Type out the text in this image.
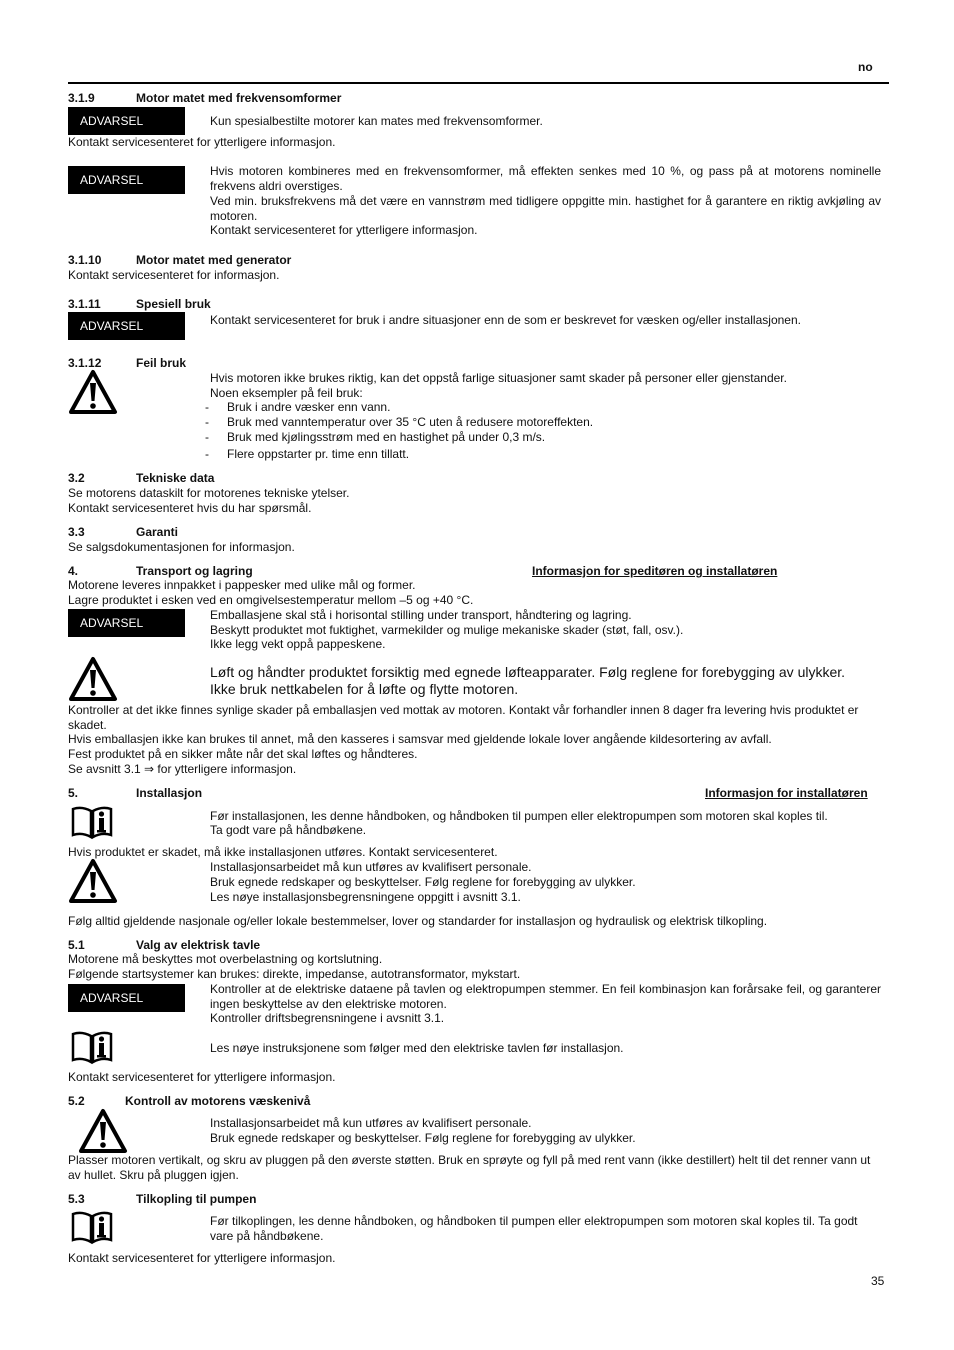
no
3.1.9	Motor matet med frekvensomformer
ADVARSEL	Kun spesialbestilte motorer kan mates med frekvensomformer.
Kontakt servicesenteret for ytterligere informasjon.
ADVARSEL
Hvis motoren kombineres med en frekvensomformer, må effekten senkes med 10 %, og pass på at motorens nominelle frekvens aldri overstiges.
Ved min. bruksfrekvens må det være en vannstrøm med tidligere oppgitte min. hastighet for å garantere en riktig avkjøling av motoren.
Kontakt servicesenteret for ytterligere informasjon.
3.1.10	Motor matet med generator
Kontakt servicesenteret for informasjon.
3.1.11	Spesiell bruk
ADVARSEL	Kontakt servicesenteret for bruk i andre situasjoner enn de som er beskrevet for væsken og/eller installasjonen.
3.1.12	Feil bruk
Hvis motoren ikke brukes riktig, kan det oppstå farlige situasjoner samt skader på personer eller gjenstander.
Noen eksempler på feil bruk:
- Bruk i andre væsker enn vann.
- Bruk med vanntemperatur over 35 °C uten å redusere motoreffekten.
- Bruk med kjølingsstrøm med en hastighet på under 0,3 m/s.
- Flere oppstarter pr. time enn tillatt.
3.2	Tekniske data
Se motorens dataskilt for motorenes tekniske ytelser.
Kontakt servicesenteret hvis du har spørsmål.
3.3	Garanti
Se salgsdokumentasjonen for informasjon.
4.	Transport og lagring	Informasjon for speditøren og installatøren
Motorene leveres innpakket i pappesker med ulike mål og former.
Lagre produktet i esken ved en omgivelsestemperatur mellom –5 og +40 °C.
ADVARSEL
Emballasjene skal stå i horisontal stilling under transport, håndtering og lagring.
Beskytt produktet mot fuktighet, varmekilder og mulige mekaniske skader (støt, fall, osv.).
Ikke legg vekt oppå pappeskene.
Løft og håndter produktet forsiktig med egnede løfteapparater. Følg reglene for forebygging av ulykker.
Ikke bruk nettkabelen for å løfte og flytte motoren.
Kontroller at det ikke finnes synlige skader på emballasjen ved mottak av motoren. Kontakt vår forhandler innen 8 dager fra levering hvis produktet er skadet.
Hvis emballasjen ikke kan brukes til annet, må den kasseres i samsvar med gjeldende lokale lover angående kildesortering av avfall.
Fest produktet på en sikker måte når det skal løftes og håndteres.
Se avsnitt 3.1 ⇒ for ytterligere informasjon.
5.	Installasjon	Informasjon for installatøren
Før installasjonen, les denne håndboken, og håndboken til pumpen eller elektropumpen som motoren skal koples til.
Ta godt vare på håndbøkene.
Hvis produktet er skadet, må ikke installasjonen utføres. Kontakt servicesenteret.
Installasjonsarbeidet må kun utføres av kvalifisert personale.
Bruk egnede redskaper og beskyttelser. Følg reglene for forebygging av ulykker.
Les nøye installasjonsbegrensningene oppgitt i avsnitt 3.1.
Følg alltid gjeldende nasjonale og/eller lokale bestemmelser, lover og standarder for installasjon og hydraulisk og elektrisk tilkopling.
5.1	Valg av elektrisk tavle
Motorene må beskyttes mot overbelastning og kortslutning.
Følgende startsystemer kan brukes: direkte, impedanse, autotransformator, mykstart.
ADVARSEL
Kontroller at de elektriske dataene på tavlen og elektropumpen stemmer. En feil kombinasjon kan forårsake feil, og garanterer ingen beskyttelse av den elektriske motoren.
Kontroller driftsbegrensningene i avsnitt 3.1.
Les nøye instruksjonene som følger med den elektriske tavlen før installasjon.
Kontakt servicesenteret for ytterligere informasjon.
5.2	Kontroll av motorens væskenivå
Installasjonsarbeidet må kun utføres av kvalifisert personale.
Bruk egnede redskaper og beskyttelser. Følg reglene for forebygging av ulykker.
Plasser motoren vertikalt, og skru av pluggen på den øverste støtten. Bruk en sprøyte og fyll på med rent vann (ikke destillert) helt til det renner vann ut av hullet. Skru på pluggen igjen.
5.3	Tilkopling til pumpen
Før tilkoplingen, les denne håndboken, og håndboken til pumpen eller elektropumpen som motoren skal koples til. Ta godt vare på håndbøkene.
Kontakt servicesenteret for ytterligere informasjon.
35
